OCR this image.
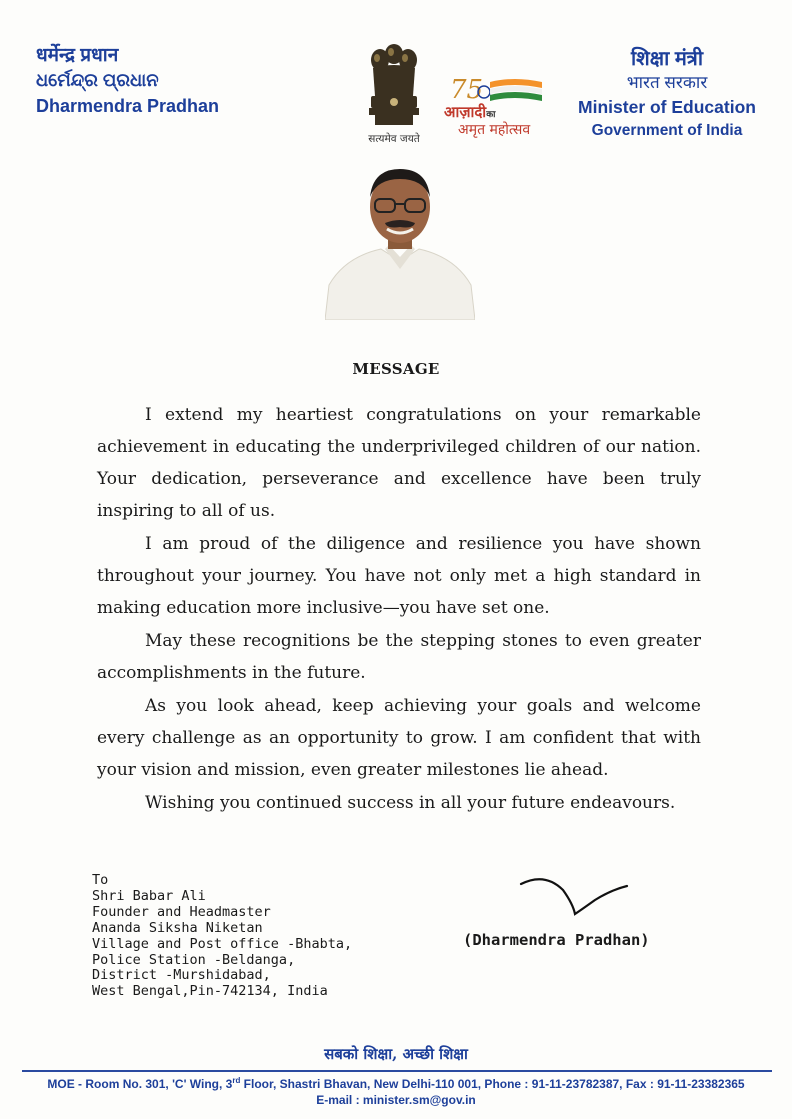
धर्मेन्द्र प्रधान
ଧର୍ମେନ୍ଦ୍ର ପ୍ରଧାନ
Dharmendra Pradhan
सत्यमेव जयते
75
आज़ादीका
अमृत महोत्सव
शिक्षा मंत्री
भारत सरकार
Minister of Education
Government of India
MESSAGE

I extend my heartiest congratulations on your remarkable achievement in educating the underprivileged children of our nation. Your dedication, perseverance and excellence have been truly inspiring to all of us.

I am proud of the diligence and resilience you have shown throughout your journey. You have not only met a high standard in making education more inclusive—you have set one.

May these recognitions be the stepping stones to even greater accomplishments in the future.

As you look ahead, keep achieving your goals and welcome every challenge as an opportunity to grow. I am confident that with your vision and mission, even greater milestones lie ahead.

Wishing you continued success in all your future endeavours.

To
Shri Babar Ali
Founder and Headmaster
Ananda Siksha Niketan
Village and Post office -Bhabta,
Police Station -Beldanga,
District -Murshidabad,
West Bengal,Pin-742134, India
(Dharmendra Pradhan)
सबको शिक्षा, अच्छी शिक्षा
MOE - Room No. 301, 'C' Wing, 3rd Floor, Shastri Bhavan, New Delhi-110 001, Phone : 91-11-23782387, Fax : 91-11-23382365
E-mail : minister.sm@gov.in
